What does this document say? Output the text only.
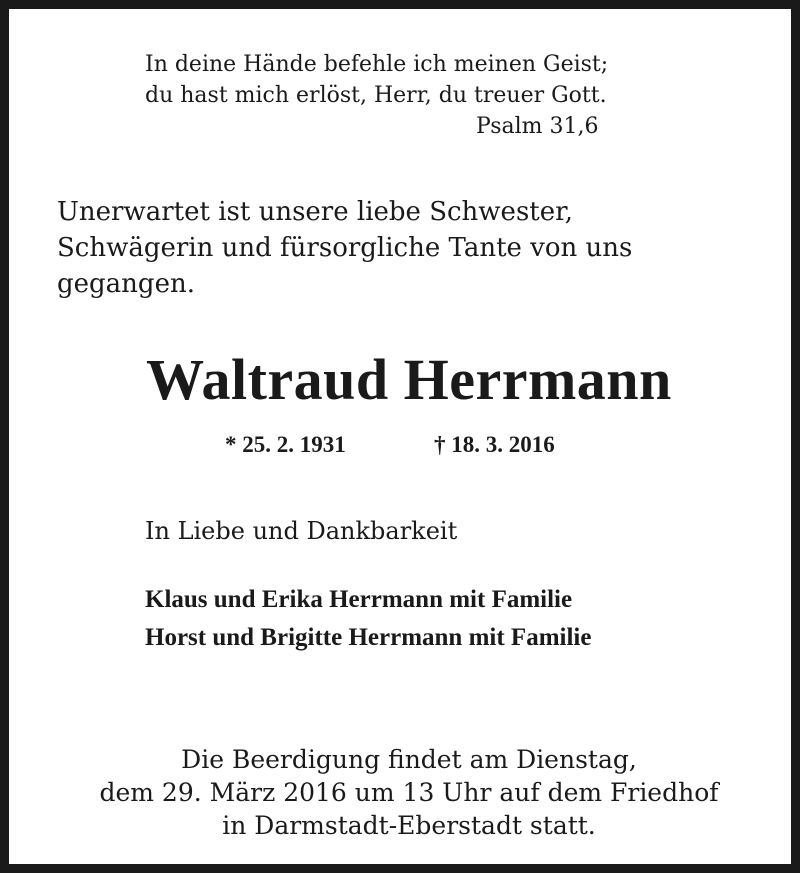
In deine Hände befehle ich meinen Geist;

du hast mich erlöst, Herr, du treuer Gott.

Psalm 31,6

Unerwartet ist unsere liebe Schwester,

Schwägerin und fürsorgliche Tante von uns

gegangen.

Waltraud Herrmann

* 25. 2. 1931	† 18. 3. 2016

In Liebe und Dankbarkeit

Klaus und Erika Herrmann mit Familie

Horst und Brigitte Herrmann mit Familie

Die Beerdigung findet am Dienstag,

dem 29. März 2016 um 13 Uhr auf dem Friedhof

in Darmstadt-Eberstadt statt.
